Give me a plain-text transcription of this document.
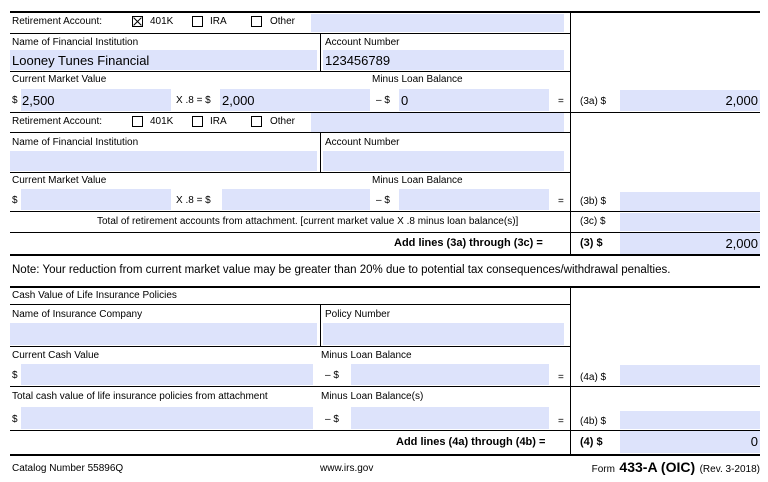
Retirement Account:	401K	IRA	Other
Name of Financial Institution
Looney Tunes Financial
Account Number
123456789
Current Market Value	Minus Loan Balance
$ 2,500	X .8 = $ 2,000	– $ 0	= (3a) $	2,000
Retirement Account:	401K	IRA	Other
Name of Financial Institution	Account Number
Current Market Value	Minus Loan Balance
$	X .8 = $	– $	= (3b) $
Total of retirement accounts from attachment. [current market value X .8 minus loan balance(s)]	(3c) $
Add lines (3a) through (3c) =	(3) $	2,000
Note: Your reduction from current market value may be greater than 20% due to potential tax consequences/withdrawal penalties.
Cash Value of Life Insurance Policies
Name of Insurance Company	Policy Number
Current Cash Value	Minus Loan Balance
$	– $	= (4a) $
Total cash value of life insurance policies from attachment	Minus Loan Balance(s)
$	– $	= (4b) $
Add lines (4a) through (4b) =	(4) $	0
Catalog Number 55896Q	www.irs.gov	Form 433-A (OIC) (Rev. 3-2018)
